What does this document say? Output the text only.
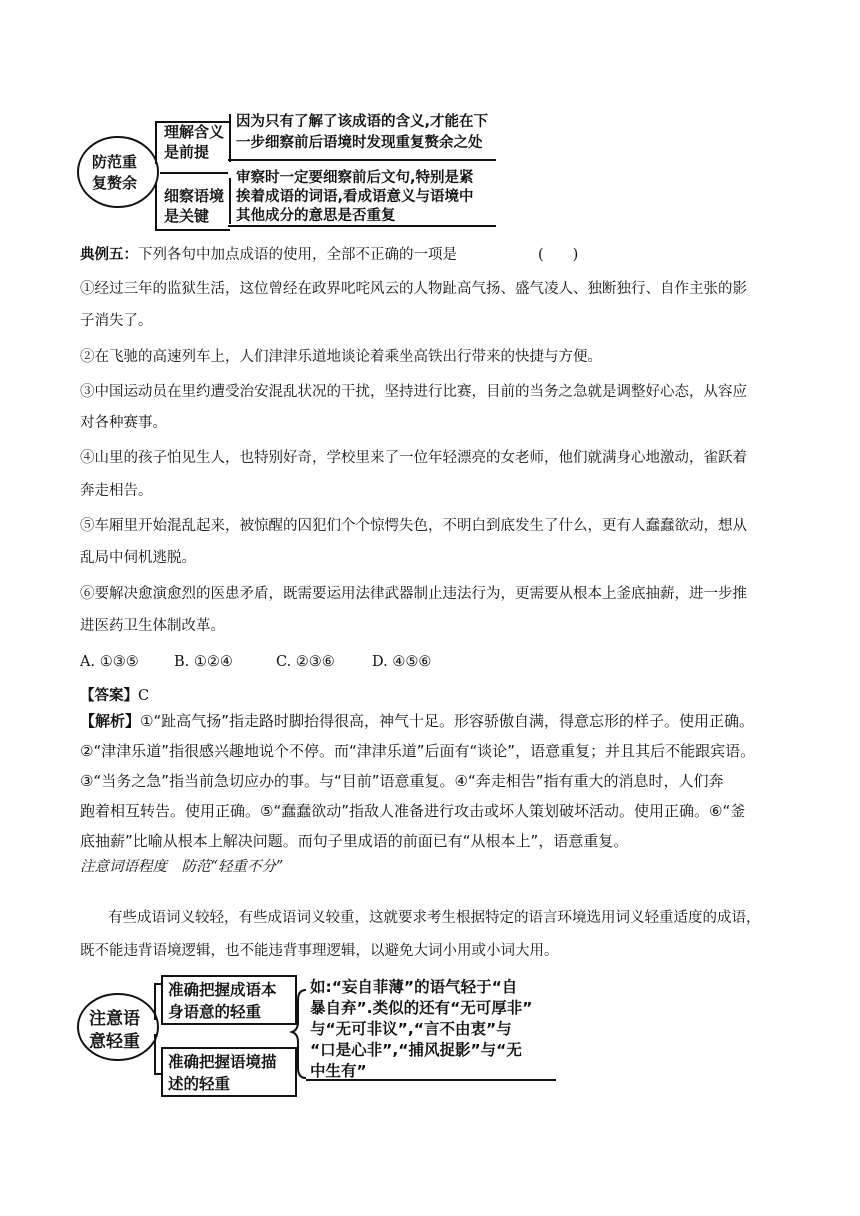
防范重复赘余
理解含义是前提
细察语境是关键
因为只有了解了该成语的含义,才能在下一步细察前后语境时发现重复赘余之处
审察时一定要细察前后文句,特别是紧挨着成语的词语,看成语意义与语境中其他成分的意思是否重复
典例五：下列各句中加点成语的使用，全部不正确的一项是	(　　)
①经过三年的监狱生活，这位曾经在政界叱咤风云的人物趾高气扬、盛气凌人、独断独行、自作主张的影
子消失了。
②在飞驰的高速列车上，人们津津乐道地谈论着乘坐高铁出行带来的快捷与方便。
③中国运动员在里约遭受治安混乱状况的干扰，坚持进行比赛，目前的当务之急就是调整好心态，从容应
对各种赛事。
④山里的孩子怕见生人，也特别好奇，学校里来了一位年轻漂亮的女老师，他们就满身心地激动，雀跃着
奔走相告。
⑤车厢里开始混乱起来，被惊醒的囚犯们个个惊愕失色，不明白到底发生了什么，更有人蠢蠢欲动，想从
乱局中伺机逃脱。
⑥要解决愈演愈烈的医患矛盾，既需要运用法律武器制止违法行为，更需要从根本上釜底抽薪，进一步推
进医药卫生体制改革。
A. ①③⑤ B. ①②④	C. ②③⑥	D. ④⑤⑥
【答案】C
【解析】①“趾高气扬”指走路时脚抬得很高，神气十足。形容骄傲自满，得意忘形的样子。使用正确。
②“津津乐道”指很感兴趣地说个不停。而“津津乐道”后面有“谈论”，语意重复；并且其后不能跟宾语。
③“当务之急”指当前急切应办的事。与“目前”语意重复。④“奔走相告”指有重大的消息时，人们奔
跑着相互转告。使用正确。⑤“蠢蠢欲动”指敌人准备进行攻击或坏人策划破坏活动。使用正确。⑥“釜
底抽薪”比喻从根本上解决问题。而句子里成语的前面已有“从根本上”，语意重复。
注意词语程度　防范“轻重不分”
有些成语词义较轻，有些成语词义较重，这就要求考生根据特定的语言环境选用词义轻重适度的成语，
既不能违背语境逻辑，也不能违背事理逻辑，以避免大词小用或小词大用。
注意语意轻重
准确把握成语本身语意的轻重
准确把握语境描述的轻重
如:“妄自菲薄”的语气轻于“自暴自弃”.类似的还有“无可厚非”与“无可非议”,“言不由衷”与“口是心非”,“捕风捉影”与“无中生有”
